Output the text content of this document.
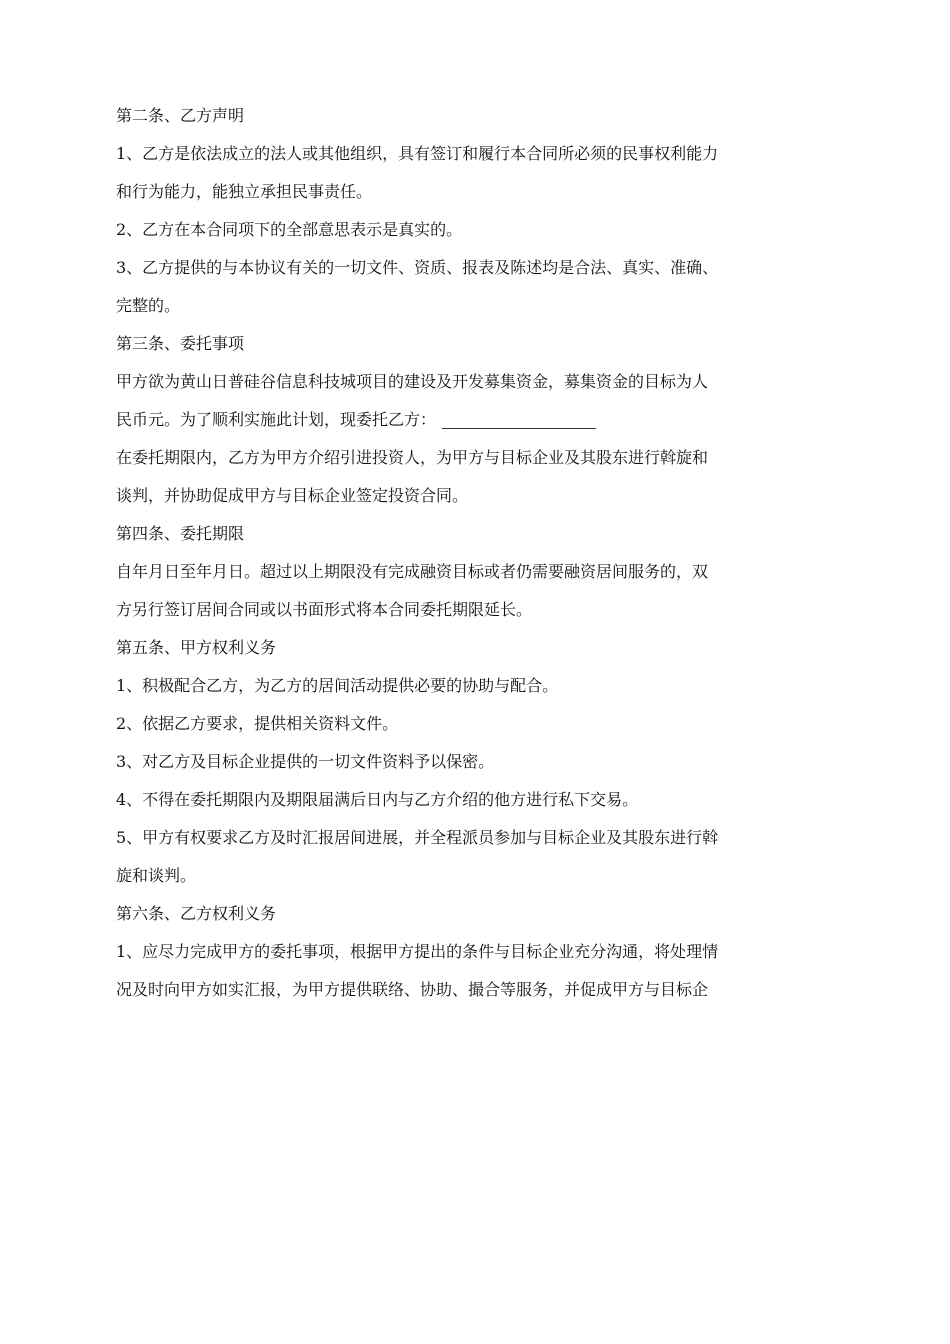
第二条、乙方声明
1、乙方是依法成立的法人或其他组织，具有签订和履行本合同所必须的民事权利能力
和行为能力，能独立承担民事责任。
2、乙方在本合同项下的全部意思表示是真实的。
3、乙方提供的与本协议有关的一切文件、资质、报表及陈述均是合法、真实、准确、
完整的。
第三条、委托事项
甲方欲为黄山日普硅谷信息科技城项目的建设及开发募集资金，募集资金的目标为人
民币元。为了顺利实施此计划，现委托乙方：
在委托期限内，乙方为甲方介绍引进投资人，为甲方与目标企业及其股东进行斡旋和
谈判，并协助促成甲方与目标企业签定投资合同。
第四条、委托期限
自年月日至年月日。超过以上期限没有完成融资目标或者仍需要融资居间服务的，双
方另行签订居间合同或以书面形式将本合同委托期限延长。
第五条、甲方权利义务
1、积极配合乙方，为乙方的居间活动提供必要的协助与配合。
2、依据乙方要求，提供相关资料文件。
3、对乙方及目标企业提供的一切文件资料予以保密。
4、不得在委托期限内及期限届满后日内与乙方介绍的他方进行私下交易。
5、甲方有权要求乙方及时汇报居间进展，并全程派员参加与目标企业及其股东进行斡
旋和谈判。
第六条、乙方权利义务
1、应尽力完成甲方的委托事项，根据甲方提出的条件与目标企业充分沟通，将处理情
况及时向甲方如实汇报，为甲方提供联络、协助、撮合等服务，并促成甲方与目标企
